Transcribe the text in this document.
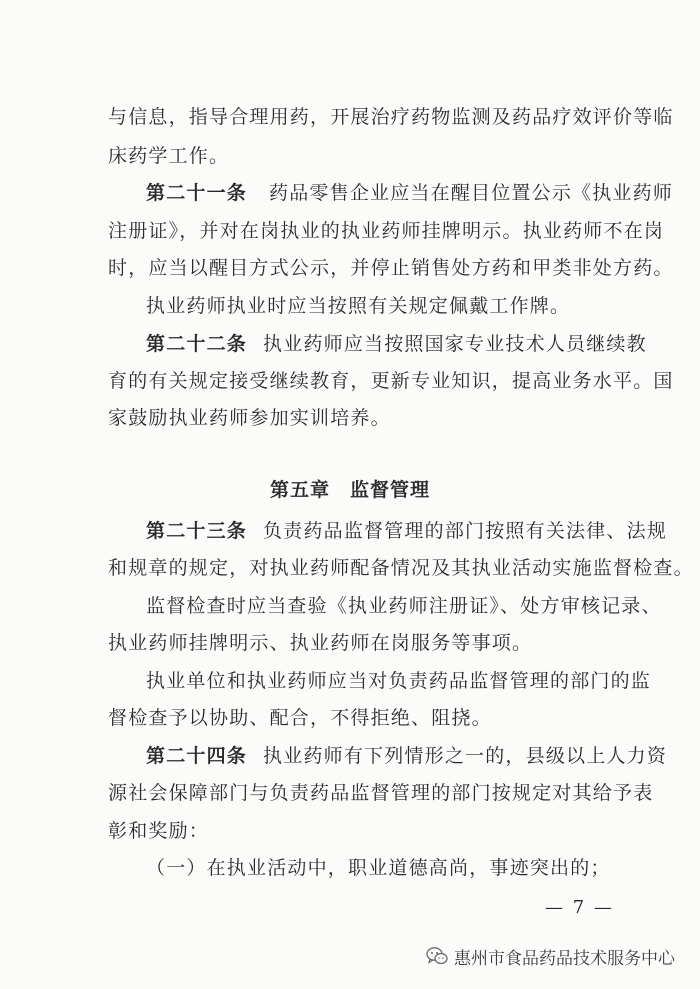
与信息，指导合理用药，开展治疗药物监测及药品疗效评价等临
床药学工作。
第二十一条 药品零售企业应当在醒目位置公示《执业药师
注册证》，并对在岗执业的执业药师挂牌明示。执业药师不在岗
时，应当以醒目方式公示，并停止销售处方药和甲类非处方药。
执业药师执业时应当按照有关规定佩戴工作牌。
第二十二条 执业药师应当按照国家专业技术人员继续教
育的有关规定接受继续教育，更新专业知识，提高业务水平。国
家鼓励执业药师参加实训培养。
第五章　监督管理
第二十三条 负责药品监督管理的部门按照有关法律、法规
和规章的规定，对执业药师配备情况及其执业活动实施监督检查。
监督检查时应当查验《执业药师注册证》、处方审核记录、
执业药师挂牌明示、执业药师在岗服务等事项。
执业单位和执业药师应当对负责药品监督管理的部门的监
督检查予以协助、配合，不得拒绝、阻挠。
第二十四条 执业药师有下列情形之一的，县级以上人力资
源社会保障部门与负责药品监督管理的部门按规定对其给予表
彰和奖励：
（一）在执业活动中，职业道德高尚，事迹突出的；
— 7 —
惠州市食品药品技术服务中心
